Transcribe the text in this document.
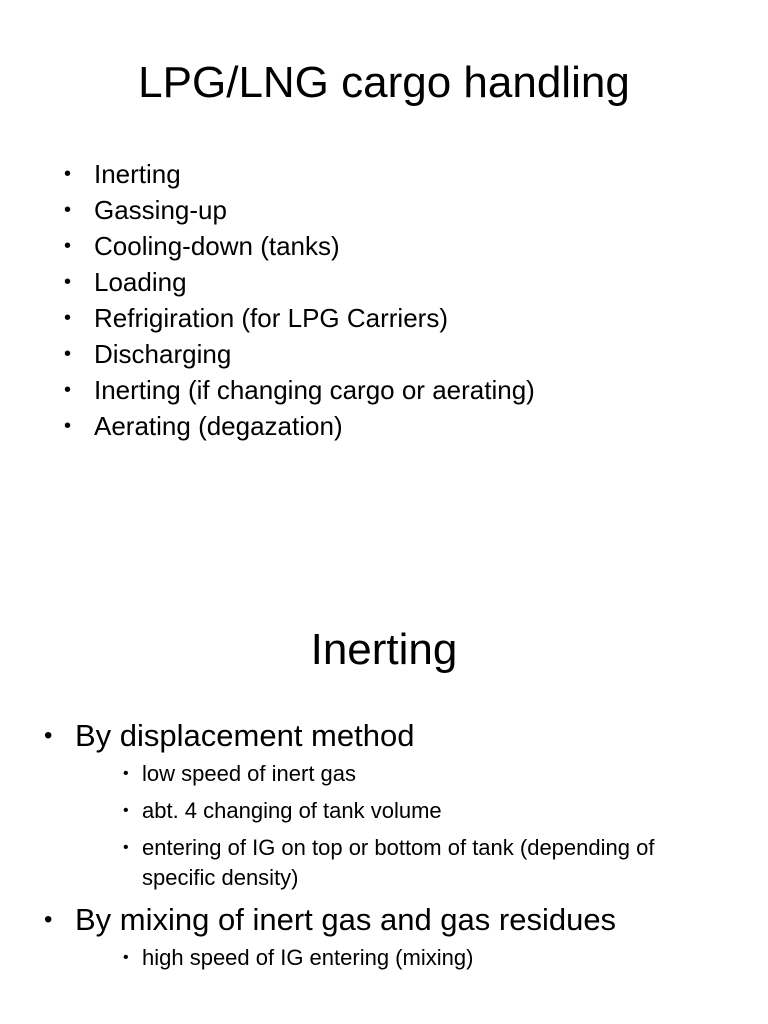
LPG/LNG cargo handling
• Inerting
• Gassing-up
• Cooling-down (tanks)
• Loading
• Refrigiration (for LPG Carriers)
• Discharging
• Inerting (if changing cargo or aerating)
• Aerating (degazation)
Inerting
• By displacement method
• low speed of inert gas
• abt. 4 changing of tank volume
• entering of IG on top or bottom of tank (depending of specific density)
• By mixing of inert gas and gas residues
• high speed of IG entering (mixing)
